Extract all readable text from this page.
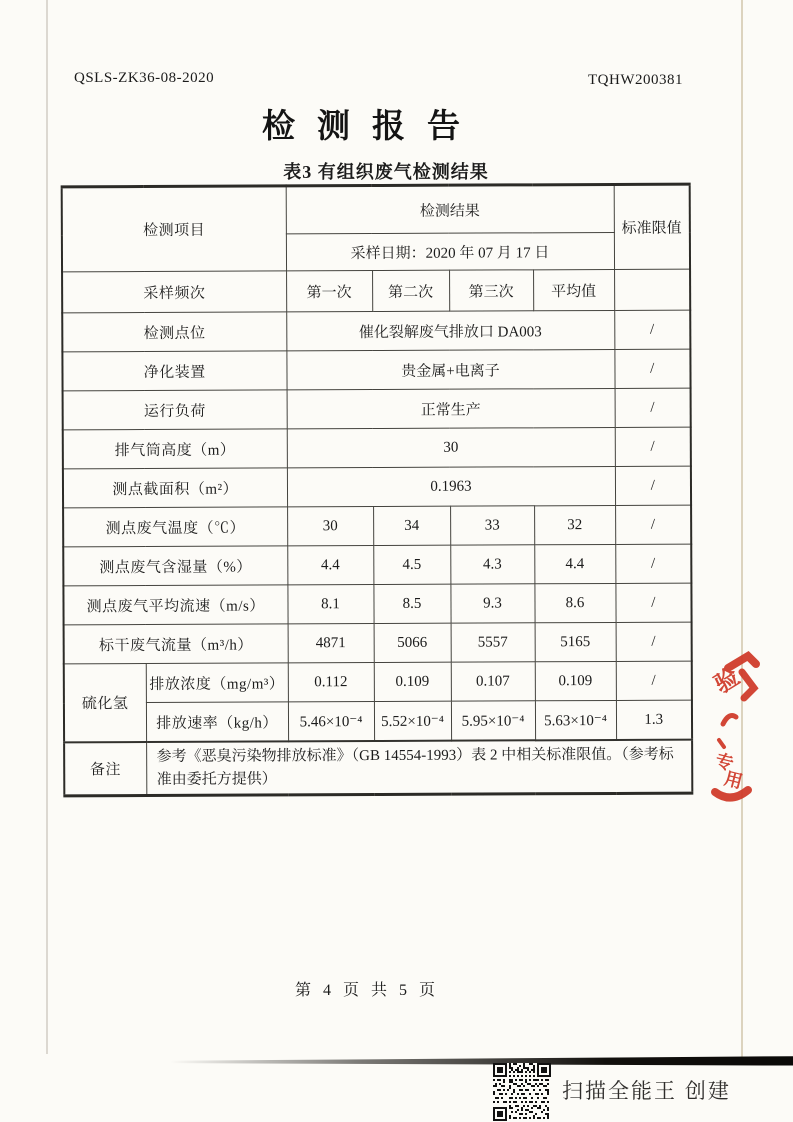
QSLS-ZK36-08-2020	TQHW200381
检测报告
表3 有组织废气检测结果
检测项目		检测结果				标准限值
		采样日期：2020 年 07 月 17 日				
采样频次		第一次	第二次	第三次	平均值	
检测点位		催化裂解废气排放口 DA003				/
净化装置		贵金属+电离子				/
运行负荷		正常生产				/
排气筒高度（m）		30				/
测点截面积（m²）		0.1963				/
测点废气温度（℃）		30	34	33	32	/
测点废气含湿量（%）		4.4	4.5	4.3	4.4	/
测点废气平均流速（m/s）		8.1	8.5	9.3	8.6	/
标干废气流量（m³/h）		4871	5066	5557	5165	/
硫化氢	排放浓度（mg/m³）	0.112	0.109	0.107	0.109	/
	排放速率（kg/h）	5.46×10⁻⁴	5.52×10⁻⁴	5.95×10⁻⁴	5.63×10⁻⁴	1.3
备注	参考《恶臭污染物排放标准》（GB 14554-1993）表 2 中相关标准限值。（参考标准由委托方提供）					
第 4 页 共 5 页
验
专
用
扫描全能王 创建
